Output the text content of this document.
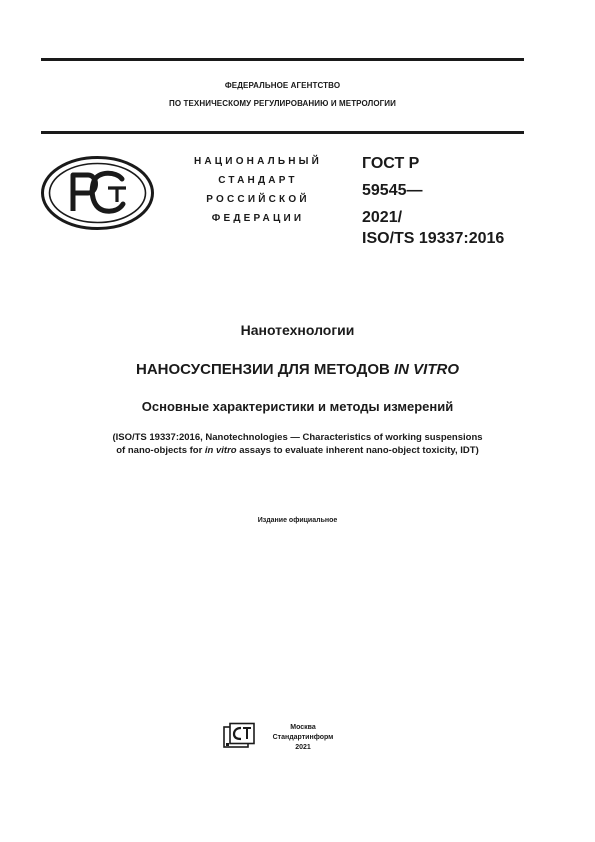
ФЕДЕРАЛЬНОЕ АГЕНТСТВО
ПО ТЕХНИЧЕСКОМУ РЕГУЛИРОВАНИЮ И МЕТРОЛОГИИ
НАЦИОНАЛЬНЫЙ
СТАНДАРТ
РОССИЙСКОЙ
ФЕДЕРАЦИИ
ГОСТ Р
59545—
2021/
ISO/TS 19337:2016
Нанотехнологии
НАНОСУСПЕНЗИИ ДЛЯ МЕТОДОВ IN VITRO
Основные характеристики и методы измерений
(ISO/TS 19337:2016, Nanotechnologies — Characteristics of working suspensions
of nano-objects for in vitro assays to evaluate inherent nano-object toxicity, IDT)
Издание официальное
Москва
Стандартинформ
2021
